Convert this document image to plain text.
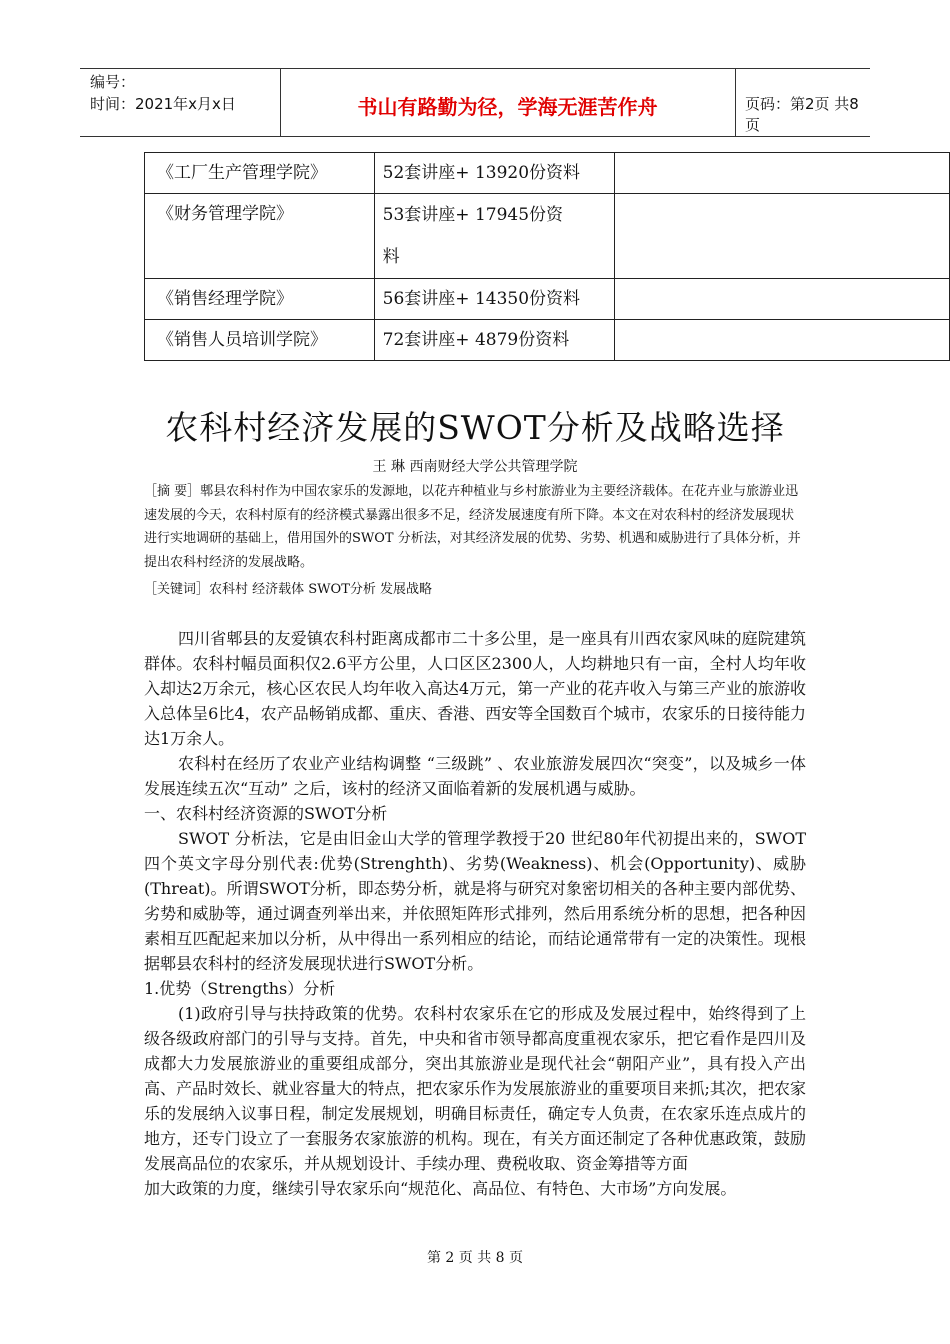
编号：
时间：2021年x月x日	书山有路勤为径，学海无涯苦作舟	页码：第2页 共8页
《工厂生产管理学院》	52套讲座+ 13920份资料	
《财务管理学院》	53套讲座+ 17945份资
料	

《销售经理学院》	56套讲座+ 14350份资料	
《销售人员培训学院》	72套讲座+ 4879份资料	
农科村经济发展的SWOT分析及战略选择
王 琳 西南财经大学公共管理学院
［摘 要］郫县农科村作为中国农家乐的发源地，以花卉种植业与乡村旅游业为主要经济载体。在花卉业与旅游业迅速发展的今天，农科村原有的经济模式暴露出很多不足，经济发展速度有所下降。本文在对农科村的经济发展现状进行实地调研的基础上，借用国外的SWOT 分析法，对其经济发展的优势、劣势、机遇和威胁进行了具体分析，并提出农科村经济的发展战略。
［关键词］农科村 经济载体 SWOT分析 发展战略

四川省郫县的友爱镇农科村距离成都市二十多公里，是一座具有川西农家风味的庭院建筑群体。农科村幅员面积仅2.6平方公里，人口区区2300人，人均耕地只有一亩，全村人均年收入却达2万余元，核心区农民人均年收入高达4万元，第一产业的花卉收入与第三产业的旅游收入总体呈6比4，农产品畅销成都、重庆、香港、西安等全国数百个城市，农家乐的日接待能力达1万余人。

农科村在经历了农业产业结构调整 “三级跳” 、农业旅游发展四次“突变”，以及城乡一体发展连续五次“互动” 之后，该村的经济又面临着新的发展机遇与威胁。

一、农科村经济资源的SWOT分析

SWOT 分析法，它是由旧金山大学的管理学教授于20 世纪80年代初提出来的，SWOT四个英文字母分别代表:优势(Strenghth)、劣势(Weakness)、机会(Opportunity)、威胁(Threat)。所谓SWOT分析，即态势分析，就是将与研究对象密切相关的各种主要内部优势、劣势和威胁等，通过调查列举出来，并依照矩阵形式排列，然后用系统分析的思想，把各种因素相互匹配起来加以分析，从中得出一系列相应的结论，而结论通常带有一定的决策性。现根据郫县农科村的经济发展现状进行SWOT分析。

1.优势（Strengths）分析

(1)政府引导与扶持政策的优势。农科村农家乐在它的形成及发展过程中，始终得到了上级各级政府部门的引导与支持。首先，中央和省市领导都高度重视农家乐，把它看作是四川及成都大力发展旅游业的重要组成部分，突出其旅游业是现代社会“朝阳产业”，具有投入产出高、产品时效长、就业容量大的特点，把农家乐作为发展旅游业的重要项目来抓;其次，把农家乐的发展纳入议事日程，制定发展规划，明确目标责任，确定专人负责，在农家乐连点成片的地方，还专门设立了一套服务农家旅游的机构。现在，有关方面还制定了各种优惠政策，鼓励发展高品位的农家乐，并从规划设计、手续办理、费税收取、资金筹措等方面

加大政策的力度，继续引导农家乐向“规范化、高品位、有特色、大市场”方向发展。

第 2 页 共 8 页
